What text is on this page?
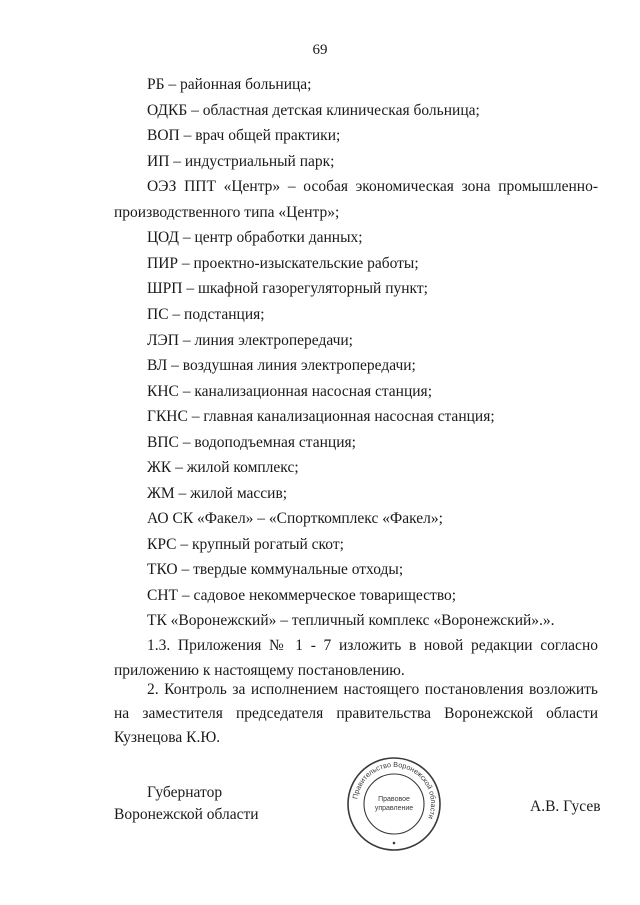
69
РБ – районная больница;
ОДКБ – областная детская клиническая больница;
ВОП – врач общей практики;
ИП – индустриальный парк;
ОЭЗ ППТ «Центр» – особая экономическая зона промышленно-
производственного типа «Центр»;
ЦОД – центр обработки данных;
ПИР – проектно-изыскательские работы;
ШРП – шкафной газорегуляторный пункт;
ПС – подстанция;
ЛЭП – линия электропередачи;
ВЛ – воздушная линия электропередачи;
КНС – канализационная насосная станция;
ГКНС – главная канализационная насосная станция;
ВПС – водоподъемная станция;
ЖК – жилой комплекс;
ЖМ – жилой массив;
АО СК «Факел» – «Спорткомплекс «Факел»;
КРС – крупный рогатый скот;
ТКО – твердые коммунальные отходы;
СНТ – садовое некоммерческое товарищество;
ТК «Воронежский» – тепличный комплекс «Воронежский».».
1.3. Приложения № 1 - 7 изложить в новой редакции согласно
приложению к настоящему постановлению.
2. Контроль за исполнением настоящего постановления возложить
на заместителя председателя правительства Воронежской области
Кузнецова К.Ю.
Губернатор
Воронежской области
Правительство Воронежской области
Правовое
управление	А.В. Гусев
